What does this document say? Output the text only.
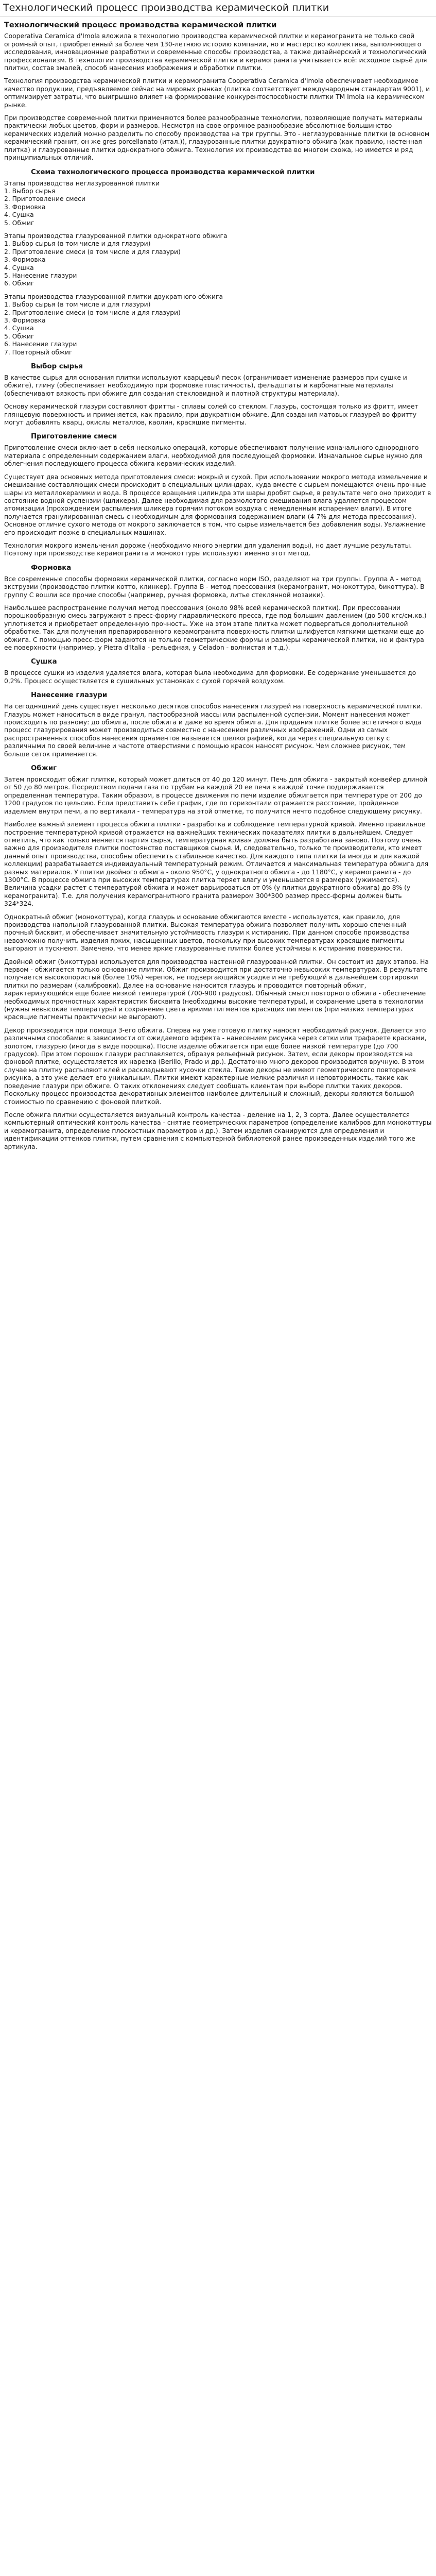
Технологический процесс производства керамической плитки
Технологический процесс производства керамической плитки

Cooperativa Ceramica d'Imola вложила в технологию производства керамической плитки и керамогранита не только свой огромный опыт, приобретенный за более чем 130-летнюю историю компании, но и мастерство коллектива, выполняющего исследования, инновационные разработки и современные способы производства, а также дизайнерский и технологический профессионализм. В технологии производства керамической плитки и керамогранита учитывается всё: исходное сырьё для плитки, состав эмалей, способ нанесения изображения и обработки плитки.

Технология производства керамической плитки и керамогранита Cooperativa Ceramica d'Imola обеспечивает необходимое качество продукции, предъявляемое сейчас на мировых рынках (плитка соответствует международным стандартам 9001), и оптимизирует затраты, что выигрышно влияет на формирование конкурентоспособности плитки ТМ Imola на керамическом рынке.

При производстве современной плитки применяются более разнообразные технологии, позволяющие получать материалы практически любых цветов, форм и размеров. Несмотря на свое огромное разнообразие абсолютное большинство керамических изделий можно разделить по способу производства на три группы. Это - неглазурованные плитки (в основном керамический гранит, он же gres porcellanato (итал.)), глазурованные плитки двукратного обжига (как правило, настенная плитка) и глазурованные плитки однократного обжига. Технология их производства во многом схожа, но имеется и ряд принципиальных отличий.

Схема технологического процесса производства керамической плитки
Этапы производства неглазурованной плитки
1. Выбор сырья
2. Приготовление смеси
3. Формовка
4. Сушка
5. Обжиг
Этапы производства глазурованной плитки однократного обжига
1. Выбор сырья (в том числе и для глазури)
2. Приготовление смеси (в том числе и для глазури)
3. Формовка
4. Сушка
5. Нанесение глазури
6. Обжиг
Этапы производства глазурованной плитки двукратного обжига
1. Выбор сырья (в том числе и для глазури)
2. Приготовление смеси (в том числе и для глазури)
3. Формовка
4. Сушка
5. Обжиг
6. Нанесение глазури
7. Повторный обжиг
Выбор сырья

В качестве сырья для основания плитки используют кварцевый песок (ограничивает изменение размеров при сушке и обжиге), глину (обеспечивает необходимую при формовке пластичность), фельдшпаты и карбонатные материалы (обеспечивают вязкость при обжиге для создания стекловидной и плотной структуры материала).

Основу керамической глазури составляют фритты - сплавы солей со стеклом. Глазурь, состоящая только из фритт, имеет глянцевую поверхность и применяется, как правило, при двукратном обжиге. Для создания матовых глазурей во фритту могут добавлять кварц, окислы металлов, каолин, красящие пигменты.

Приготовление смеси

Приготовление смеси включает в себя несколько операций, которые обеспечивают получение изначального однородного материала с определенным содержанием влаги, необходимой для последующей формовки. Изначальное сырье нужно для облегчения последующего процесса обжига керамических изделий.

Существует два основных метода приготовления смеси: мокрый и сухой. При использовании мокрого метода измельчение и смешивание составляющих смеси происходит в специальных цилиндрах, куда вместе с сырьем помещаются очень прочные шары из металлокерамики и вода. В процессе вращения цилиндра эти шары дробят сырье, в результате чего оно приходит в состояние водной суспензии (шликера). Далее необходимая для размолотого смешивания влага удаляется процессом атомизации (прохождением распыления шликера горячим потоком воздуха с немедленным испарением влаги). В итоге получается гранулированная смесь с необходимым для формования содержанием влаги (4-7% для метода прессования). Основное отличие сухого метода от мокрого заключается в том, что сырье измельчается без добавления воды. Увлажнение его происходит позже в специальных машинах.

Технология мокрого измельчения дороже (необходимо много энергии для удаления воды), но дает лучшие результаты. Поэтому при производстве керамогранита и монокоттуры используют именно этот метод.

Формовка

Все современные способы формовки керамической плитки, согласно норм ISO, разделяют на три группы. Группа A - метод экструзии (производство плитки котто, клинкер). Группа B - метод прессования (керамогранит, монокоттура, бикоттура). В группу C вошли все прочие способы (например, ручная формовка, литье стеклянной мозаики).

Наибольшее распространение получил метод прессования (около 98% всей керамической плитки). При прессовании порошкообразную смесь загружают в пресс-форму гидравлического пресса, где под большим давлением (до 500 кгс/см.кв.) уплотняется и приобретает определенную прочность. Уже на этом этапе плитка может подвергаться дополнительной обработке. Так для получения препарированного керамогранита поверхность плитки шлифуется мягкими щетками еще до обжига. С помощью пресс-форм задаются не только геометрические формы и размеры керамической плитки, но и фактура ее поверхности (например, у Pietra d'Italia - рельефная, у Celadon - волнистая и т.д.).

Сушка

В процессе сушки из изделия удаляется влага, которая была необходима для формовки. Ее содержание уменьшается до 0,2%. Процесс осуществляется в сушильных установках с сухой горячей воздухом.

Нанесение глазури

На сегодняшний день существует несколько десятков способов нанесения глазурей на поверхность керамической плитки. Глазурь может наноситься в виде гранул, пастообразной массы или распыленной суспензии. Момент нанесения может происходить по разному: до обжига, после обжига и даже во время обжига. Для придания плитке более эстетичного вида процесс глазурирования может производиться совместно с нанесением различных изображений. Одни из самых распространенных способов нанесения орнаментов называется шелкографией, когда через специальную сетку с различными по своей величине и частоте отверстиями с помощью красок наносят рисунок. Чем сложнее рисунок, тем больше сеток применяется.

Обжиг

Затем происходит обжиг плитки, который может длиться от 40 до 120 минут. Печь для обжига - закрытый конвейер длиной от 50 до 80 метров. Посредством подачи газа по трубам на каждой 20 ее печи в каждой точке поддерживается определенная температура. Таким образом, в процессе движения по печи изделие обжигается при температуре от 200 до 1200 градусов по цельсию. Если представить себе график, где по горизонтали отражается расстояние, пройденное изделием внутри печи, а по вертикали - температура на этой отметке, то получится нечто подобное следующему рисунку.

Наиболее важный элемент процесса обжига плитки - разработка и соблюдение температурной кривой. Именно правильное построение температурной кривой отражается на важнейших технических показателях плитки в дальнейшем. Следует отметить, что как только меняется партия сырья, температурная кривая должна быть разработана заново. Поэтому очень важно для производителя плитки постоянство поставщиков сырья. И, следовательно, только те производители, кто имеет данный опыт производства, способны обеспечить стабильное качество. Для каждого типа плитки (а иногда и для каждой коллекции) разрабатывается индивидуальный температурный режим. Отличается и максимальная температура обжига для разных материалов. У плитки двойного обжига - около 950°C, у однократного обжига - до 1180°C, у керамогранита - до 1300°C. В процессе обжига при высоких температурах плитка теряет влагу и уменьшается в размерах (ужимается). Величина усадки растет с температурой обжига и может варьироваться от 0% (у плитки двукратного обжига) до 8% (у керамогранита). Т.е. для получения керамогранитного гранита размером 300*300 размер пресс-формы должен быть 324*324.

Однократный обжиг (монокоттура), когда глазурь и основание обжигаются вместе - используется, как правило, для производства напольной глазурованной плитки. Высокая температура обжига позволяет получить хорошо спеченный прочный бисквит, и обеспечивает значительную устойчивость глазури к истиранию. При данном способе производства невозможно получить изделия ярких, насыщенных цветов, поскольку при высоких температурах красящие пигменты выгорают и тускнеют. Замечено, что менее яркие глазурованные плитки более устойчивы к истиранию поверхности.

Двойной обжиг (бикоттура) используется для производства настенной глазурованной плитки. Он состоит из двух этапов. На первом - обжигается только основание плитки. Обжиг производится при достаточно невысоких температурах. В результате получается высокопористый (более 10%) черепок, не подвергающийся усадке и не требующий в дальнейшем сортировки плитки по размерам (калибровки). Далее на основание наносится глазурь и проводится повторный обжиг, характеризующийся еще более низкой температурой (700-900 градусов). Обычный смысл повторного обжига - обеспечение необходимых прочностных характеристик бисквита (необходимы высокие температуры), и сохранение цвета в технологии (нужны невысокие температуры) и сохранение цвета яркими пигментов красящих пигментов (при низких температурах красящие пигменты практически не выгорают).

Декор производится при помощи 3-его обжига. Сперва на уже готовую плитку наносят необходимый рисунок. Делается это различными способами: в зависимости от ожидаемого эффекта - нанесением рисунка через сетки или трафарете красками, золотом, глазурью (иногда в виде порошка). После изделие обжигается при еще более низкой температуре (до 700 градусов). При этом порошок глазури расплавляется, образуя рельефный рисунок. Затем, если декоры производятся на фоновой плитке, осуществляется их нарезка (Berillo, Prado и др.). Достаточно много декоров производится вручную. В этом случае на плитку распыляют клей и раскладывают кусочки стекла. Такие декоры не имеют геометрического повторения рисунка, а это уже делает его уникальным. Плитки имеют характерные мелкие различия и неповторимость, такие как поведение глазури при обжиге. О таких отклонениях следует сообщать клиентам при выборе плитки таких декоров. Поскольку процесс производства декоративных элементов наиболее длительный и сложный, декоры являются большой стоимостью по сравнению с фоновой плиткой.

После обжига плитки осуществляется визуальный контроль качества - деление на 1, 2, 3 сорта. Далее осуществляется компьютерный оптический контроль качества - снятие геометрических параметров (определение калибров для монокоттуры и керамогранита, определение плоскостных параметров и др.). Затем изделия сканируются для определения и идентификации оттенков плитки, путем сравнения с компьютерной библиотекой ранее произведенных изделий того же артикула.
